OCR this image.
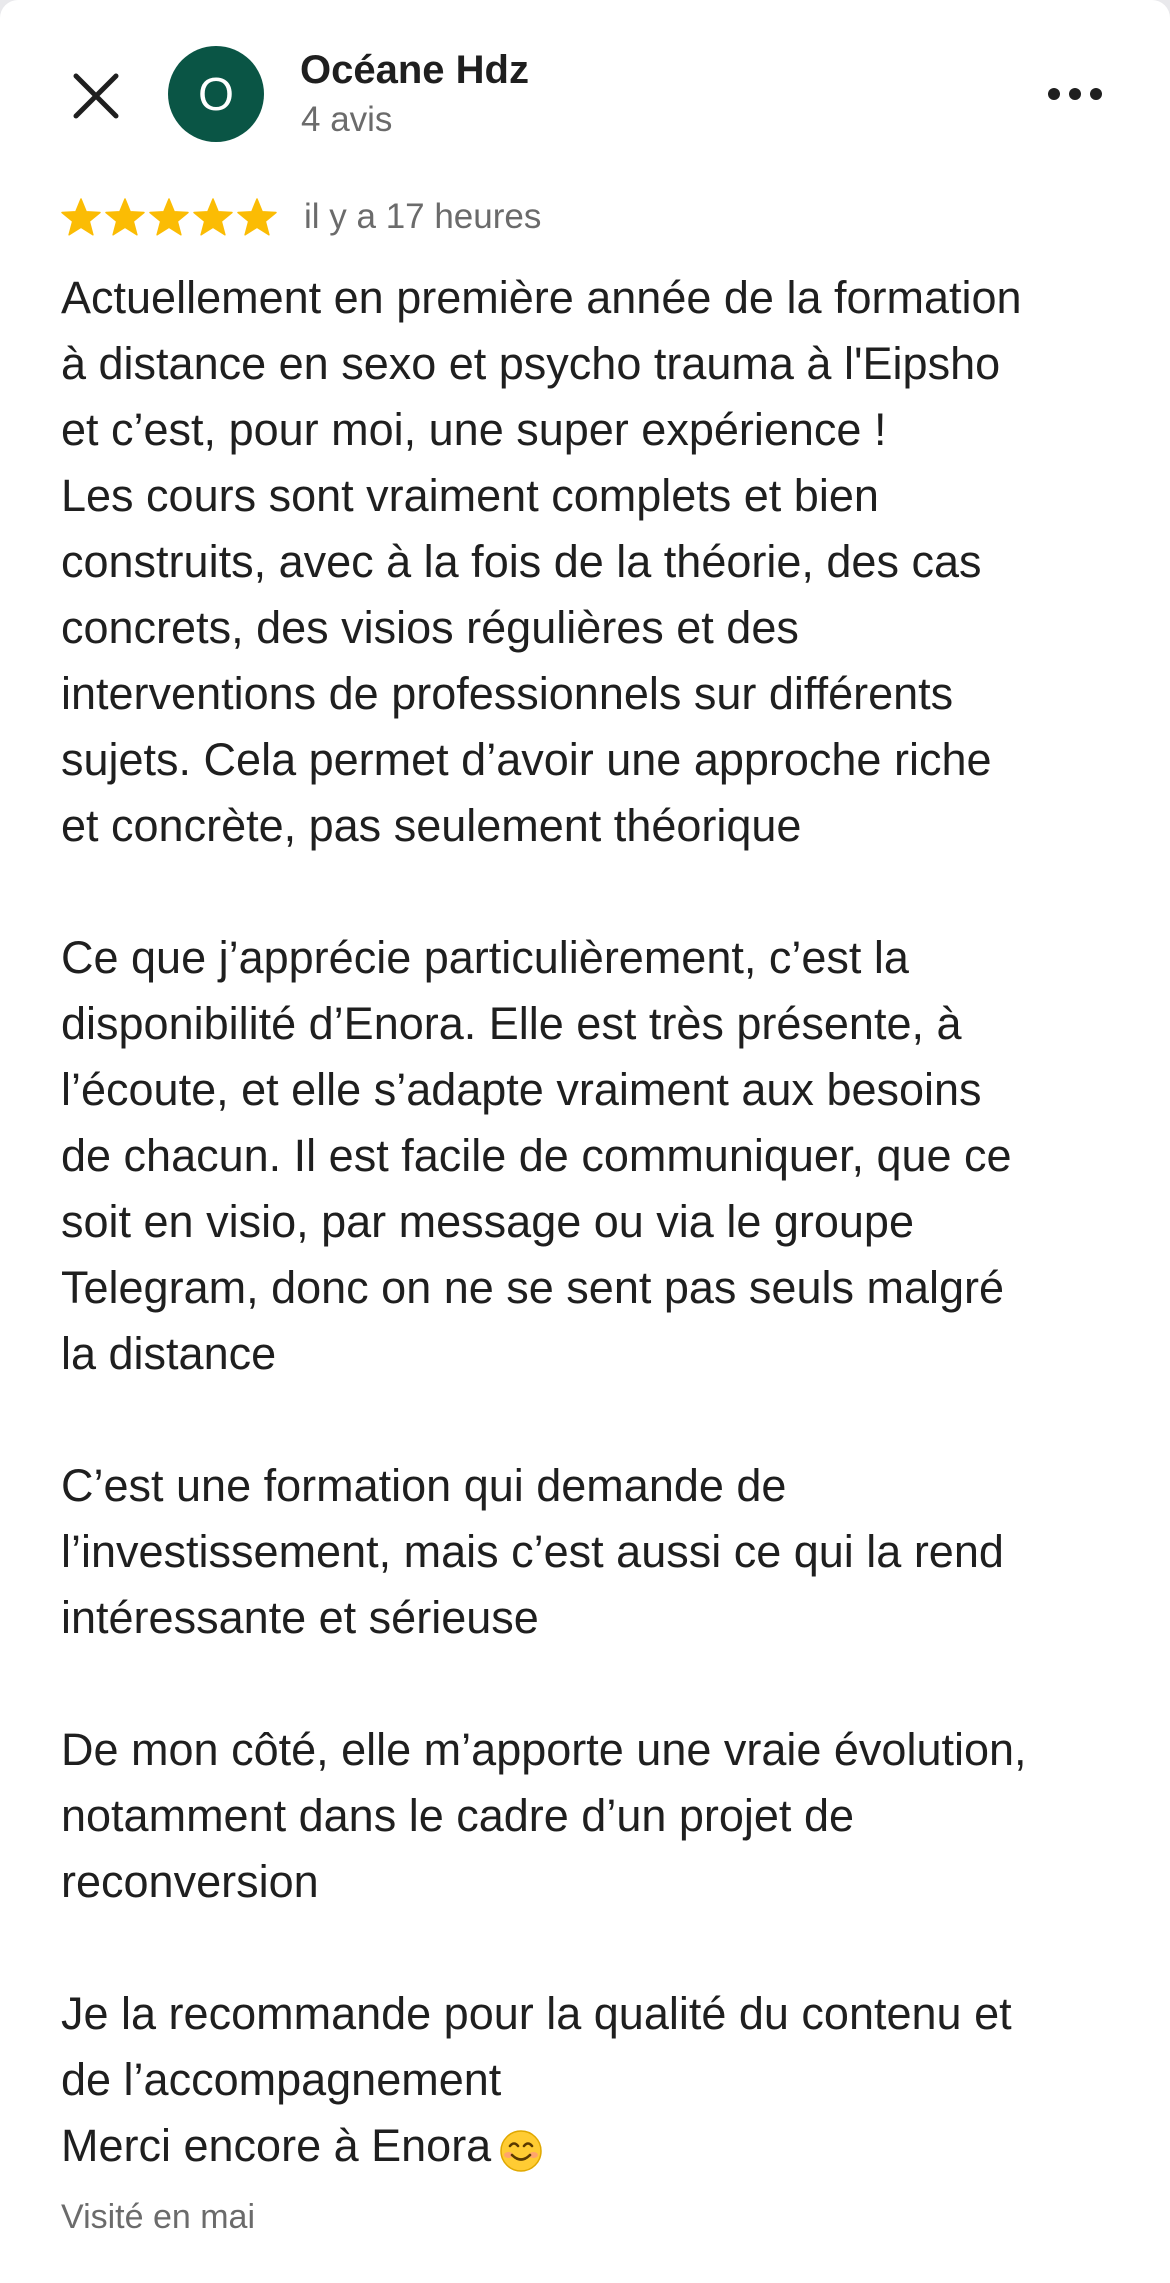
O	Océane Hdz
4 avis
il y a 17 heures
Actuellement en première année de la formation
à distance en sexo et psycho trauma à l'Eipsho
et c’est, pour moi, une super expérience !
Les cours sont vraiment complets et bien
construits, avec à la fois de la théorie, des cas
concrets, des visios régulières et des
interventions de professionnels sur différents
sujets. Cela permet d’avoir une approche riche
et concrète, pas seulement théorique
Ce que j’apprécie particulièrement, c’est la
disponibilité d’Enora. Elle est très présente, à
l’écoute, et elle s’adapte vraiment aux besoins
de chacun. Il est facile de communiquer, que ce
soit en visio, par message ou via le groupe
Telegram, donc on ne se sent pas seuls malgré
la distance
C’est une formation qui demande de
l’investissement, mais c’est aussi ce qui la rend
intéressante et sérieuse
De mon côté, elle m’apporte une vraie évolution,
notamment dans le cadre d’un projet de
reconversion
Je la recommande pour la qualité du contenu et
de l’accompagnement
Merci encore à Enora
Visité en mai
